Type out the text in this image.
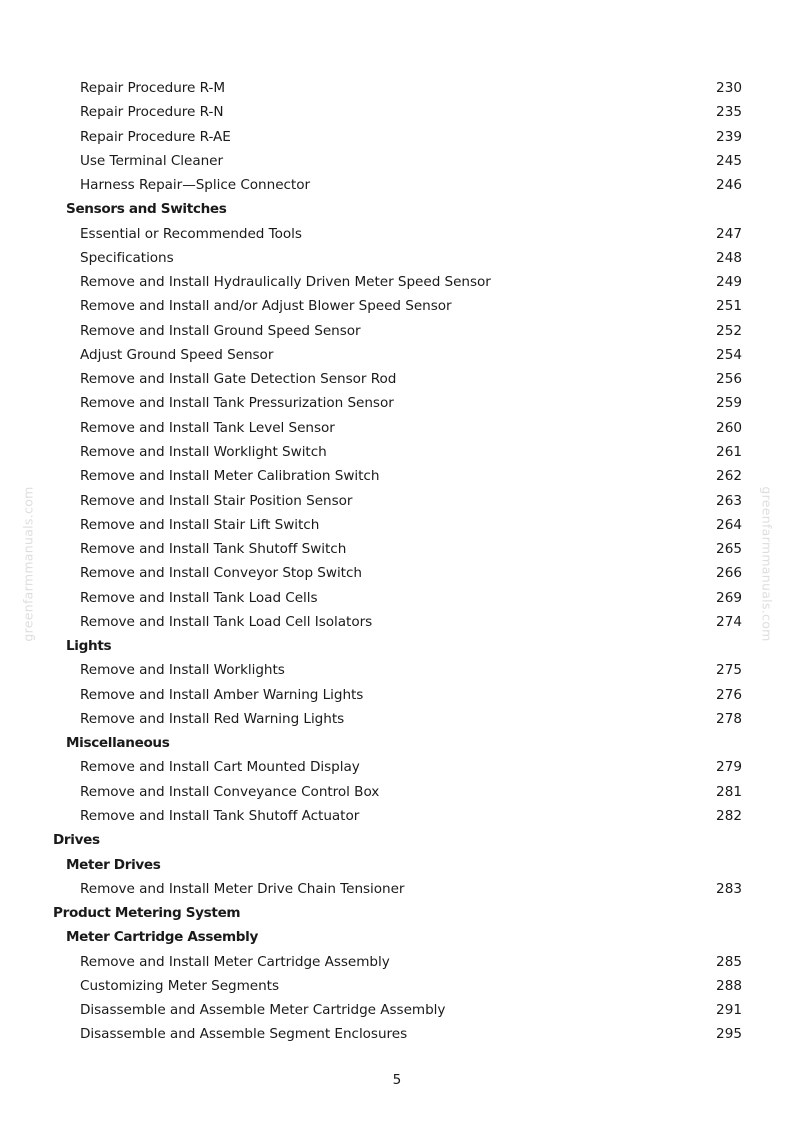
Repair Procedure R-M	230
Repair Procedure R-N	235
Repair Procedure R-AE	239
Use Terminal Cleaner	245
Harness Repair—Splice Connector	246
Sensors and Switches
Essential or Recommended Tools	247
Specifications	248
Remove and Install Hydraulically Driven Meter Speed Sensor	249
Remove and Install and/or Adjust Blower Speed Sensor	251
Remove and Install Ground Speed Sensor	252
Adjust Ground Speed Sensor	254
Remove and Install Gate Detection Sensor Rod	256
Remove and Install Tank Pressurization Sensor	259
Remove and Install Tank Level Sensor	260
Remove and Install Worklight Switch	261
Remove and Install Meter Calibration Switch	262
Remove and Install Stair Position Sensor	263
Remove and Install Stair Lift Switch	264
Remove and Install Tank Shutoff Switch	265
Remove and Install Conveyor Stop Switch	266
Remove and Install Tank Load Cells	269
Remove and Install Tank Load Cell Isolators	274
Lights
Remove and Install Worklights	275
Remove and Install Amber Warning Lights	276
Remove and Install Red Warning Lights	278
Miscellaneous
Remove and Install Cart Mounted Display	279
Remove and Install Conveyance Control Box	281
Remove and Install Tank Shutoff Actuator	282
Drives
Meter Drives
Remove and Install Meter Drive Chain Tensioner	283
Product Metering System
Meter Cartridge Assembly
Remove and Install Meter Cartridge Assembly	285
Customizing Meter Segments	288
Disassemble and Assemble Meter Cartridge Assembly	291
Disassemble and Assemble Segment Enclosures	295
greenfarmmanuals.com	greenfarmmanuals.com
5
